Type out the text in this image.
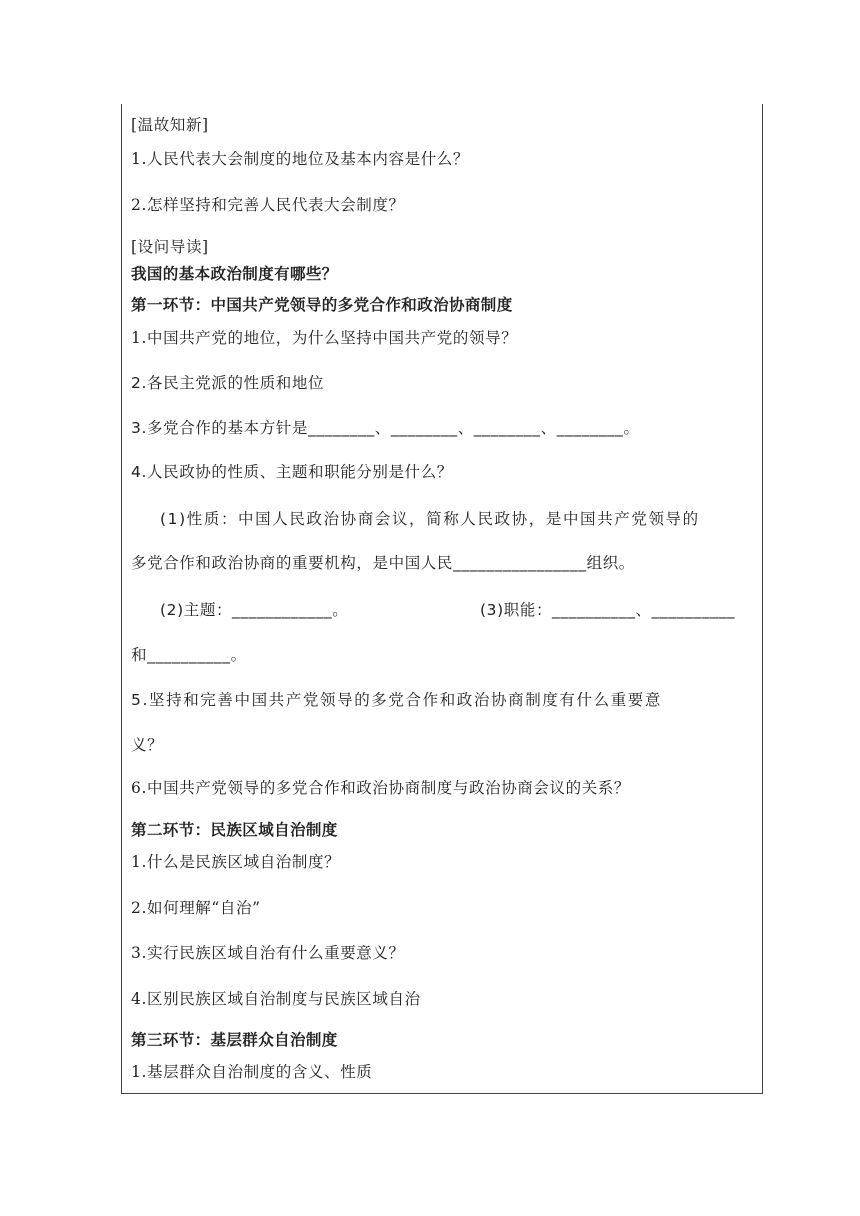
[温故知新]
1.人民代表大会制度的地位及基本内容是什么？
2.怎样坚持和完善人民代表大会制度？
[设问导读]
我国的基本政治制度有哪些？
第一环节：中国共产党领导的多党合作和政治协商制度
1.中国共产党的地位，为什么坚持中国共产党的领导？
2.各民主党派的性质和地位
3.多党合作的基本方针是________、________、________、________。
4.人民政协的性质、主题和职能分别是什么？
(1)性质：中国人民政治协商会议，简称人民政协，是中国共产党领导的
多党合作和政治协商的重要机构，是中国人民________________组织。
(2)主题：____________。	(3)职能：__________、__________
和__________。
5.坚持和完善中国共产党领导的多党合作和政治协商制度有什么重要意
义？
6.中国共产党领导的多党合作和政治协商制度与政治协商会议的关系？
第二环节：民族区域自治制度
1.什么是民族区域自治制度？
2.如何理解“自治”
3.实行民族区域自治有什么重要意义？
4.区别民族区域自治制度与民族区域自治
第三环节：基层群众自治制度
1.基层群众自治制度的含义、性质
